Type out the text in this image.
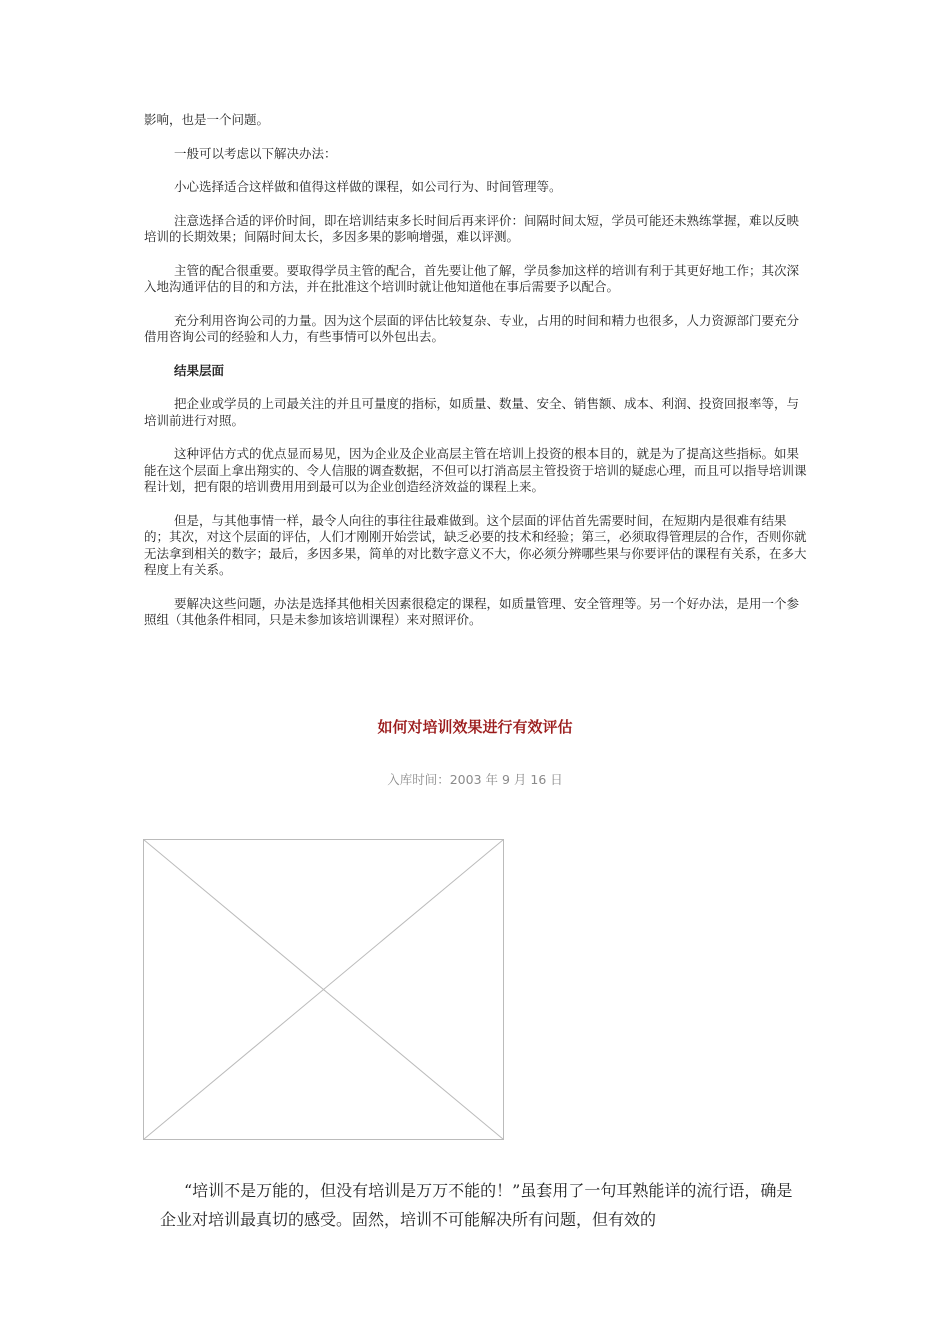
影响，也是一个问题。

一般可以考虑以下解决办法：

小心选择适合这样做和值得这样做的课程，如公司行为、时间管理等。

注意选择合适的评价时间，即在培训结束多长时间后再来评价：间隔时间太短，学员可能还未熟练掌握，难以反映培训的长期效果；间隔时间太长，多因多果的影响增强，难以评测。

主管的配合很重要。要取得学员主管的配合，首先要让他了解，学员参加这样的培训有利于其更好地工作；其次深入地沟通评估的目的和方法，并在批准这个培训时就让他知道他在事后需要予以配合。

充分利用咨询公司的力量。因为这个层面的评估比较复杂、专业，占用的时间和精力也很多，人力资源部门要充分借用咨询公司的经验和人力，有些事情可以外包出去。

结果层面

把企业或学员的上司最关注的并且可量度的指标，如质量、数量、安全、销售额、成本、利润、投资回报率等，与培训前进行对照。

这种评估方式的优点显而易见，因为企业及企业高层主管在培训上投资的根本目的，就是为了提高这些指标。如果能在这个层面上拿出翔实的、令人信服的调查数据，不但可以打消高层主管投资于培训的疑虑心理，而且可以指导培训课程计划，把有限的培训费用用到最可以为企业创造经济效益的课程上来。

但是，与其他事情一样，最令人向往的事往往最难做到。这个层面的评估首先需要时间，在短期内是很难有结果的；其次，对这个层面的评估，人们才刚刚开始尝试，缺乏必要的技术和经验；第三，必须取得管理层的合作，否则你就无法拿到相关的数字；最后，多因多果，简单的对比数字意义不大，你必须分辨哪些果与你要评估的课程有关系，在多大程度上有关系。

要解决这些问题，办法是选择其他相关因素很稳定的课程，如质量管理、安全管理等。另一个好办法，是用一个参照组（其他条件相同，只是未参加该培训课程）来对照评价。

如何对培训效果进行有效评估
入库时间：2003 年 9 月 16 日

“培训不是万能的，但没有培训是万万不能的！”虽套用了一句耳熟能详的流行语，确是企业对培训最真切的感受。固然，培训不可能解决所有问题，但有效的
